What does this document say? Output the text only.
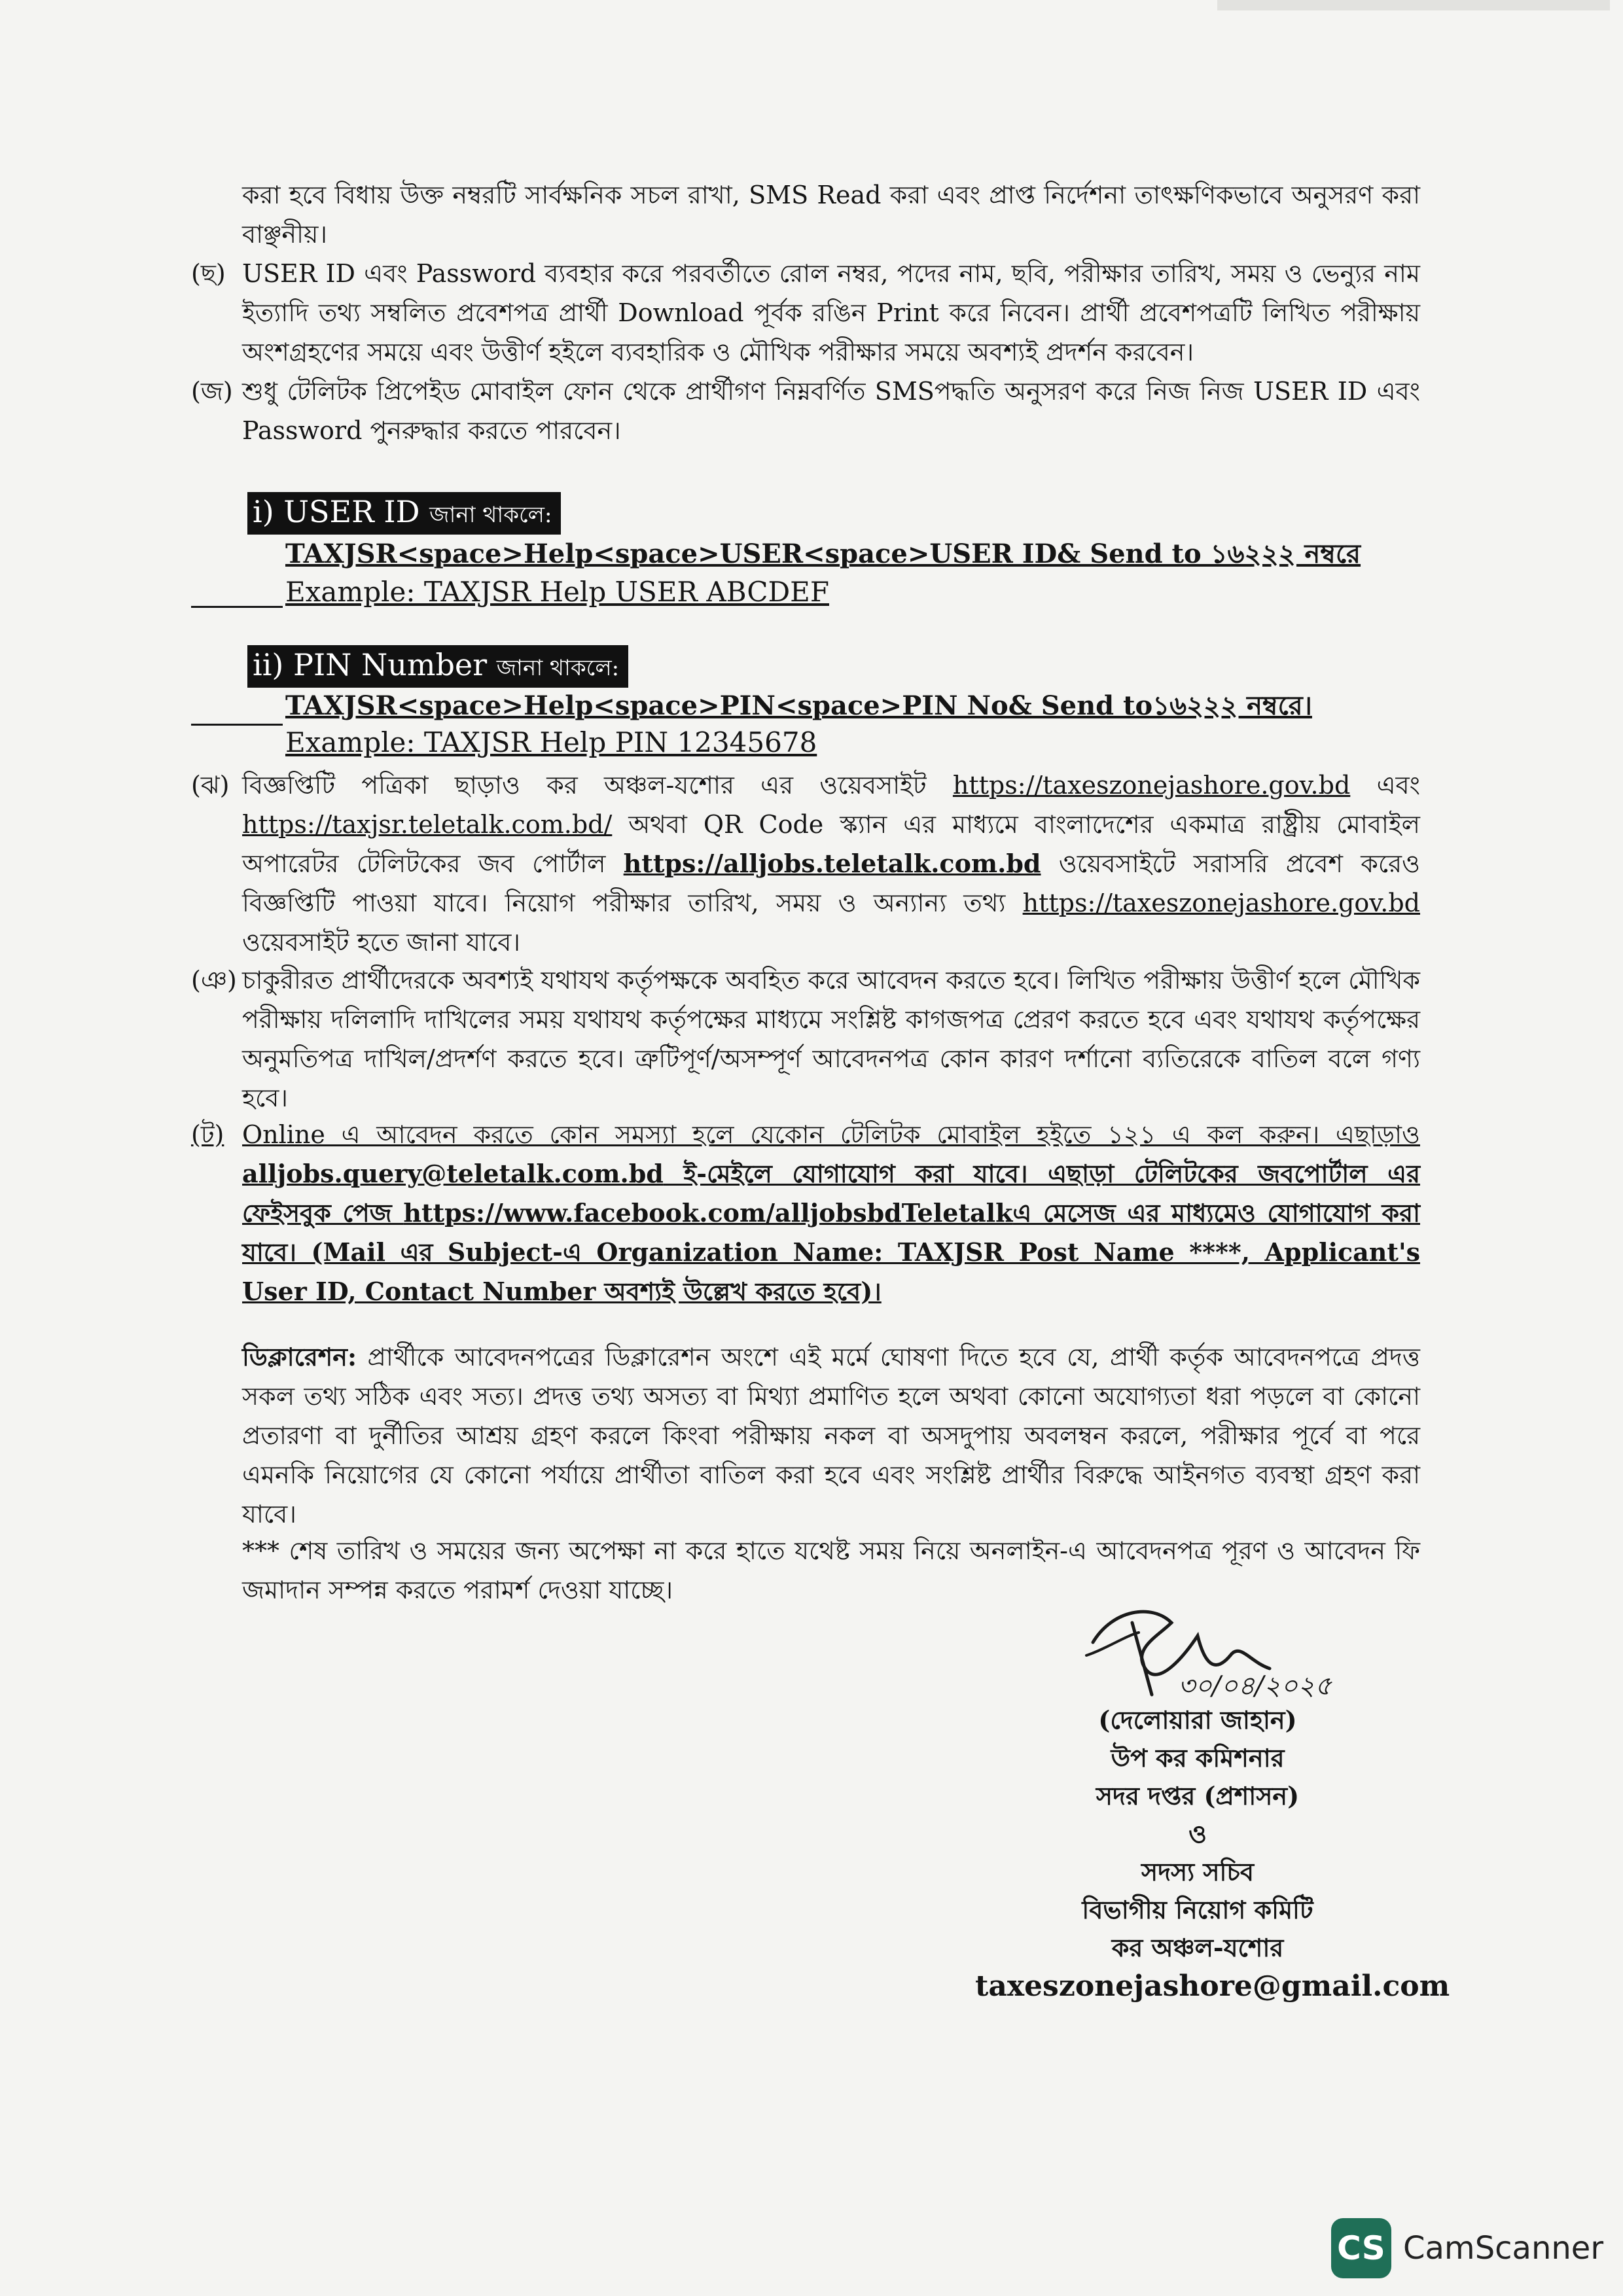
করা হবে বিধায় উক্ত নম্বরটি সার্বক্ষনিক সচল রাখা, SMS Read করা এবং প্রাপ্ত নির্দেশনা তাৎক্ষণিকভাবে অনুসরণ করা বাঞ্ছনীয়।
(ছ) USER ID এবং Password ব্যবহার করে পরবর্তীতে রোল নম্বর, পদের নাম, ছবি, পরীক্ষার তারিখ, সময় ও ভেন্যুর নাম ইত্যাদি তথ্য সম্বলিত প্রবেশপত্র প্রার্থী Download পূর্বক রঙিন Print করে নিবেন। প্রার্থী প্রবেশপত্রটি লিখিত পরীক্ষায় অংশগ্রহণের সময়ে এবং উত্তীর্ণ হইলে ব্যবহারিক ও মৌখিক পরীক্ষার সময়ে অবশ্যই প্রদর্শন করবেন।
(জ) শুধু টেলিটক প্রিপেইড মোবাইল ফোন থেকে প্রার্থীগণ নিম্নবর্ণিত SMSপদ্ধতি অনুসরণ করে নিজ নিজ USER ID এবং Password পুনরুদ্ধার করতে পারবেন।
i) USER ID জানা থাকলে:
TAXJSR<space>Help<space>USER<space>USER ID& Send to ১৬২২২ নম্বরে
Example: TAXJSR Help USER ABCDEF
ii) PIN Number জানা থাকলে:
TAXJSR<space>Help<space>PIN<space>PIN No& Send to১৬২২২ নম্বরে।
Example: TAXJSR Help PIN 12345678
(ঝ) বিজ্ঞপ্তিটি পত্রিকা ছাড়াও কর অঞ্চল-যশোর এর ওয়েবসাইট https://taxeszonejashore.gov.bd এবং https://taxjsr.teletalk.com.bd/ অথবা QR Code স্ক্যান এর মাধ্যমে বাংলাদেশের একমাত্র রাষ্ট্রীয় মোবাইল অপারেটর টেলিটকের জব পোর্টাল https://alljobs.teletalk.com.bd ওয়েবসাইটে সরাসরি প্রবেশ করেও বিজ্ঞপ্তিটি পাওয়া যাবে। নিয়োগ পরীক্ষার তারিখ, সময় ও অন্যান্য তথ্য https://taxeszonejashore.gov.bd ওয়েবসাইট হতে জানা যাবে।
(ঞ) চাকুরীরত প্রার্থীদেরকে অবশ্যই যথাযথ কর্তৃপক্ষকে অবহিত করে আবেদন করতে হবে। লিখিত পরীক্ষায় উত্তীর্ণ হলে মৌখিক পরীক্ষায় দলিলাদি দাখিলের সময় যথাযথ কর্তৃপক্ষের মাধ্যমে সংশ্লিষ্ট কাগজপত্র প্রেরণ করতে হবে এবং যথাযথ কর্তৃপক্ষের অনুমতিপত্র দাখিল/প্রদর্শণ করতে হবে। ত্রুটিপূর্ণ/অসম্পূর্ণ আবেদনপত্র কোন কারণ দর্শানো ব্যতিরেকে বাতিল বলে গণ্য হবে।
(ট) Online এ আবেদন করতে কোন সমস্যা হলে যেকোন টেলিটক মোবাইল হইতে ১২১ এ কল করুন। এছাড়াও alljobs.query@teletalk.com.bd ই-মেইলে যোগাযোগ করা যাবে। এছাড়া টেলিটকের জবপোর্টাল এর ফেইসবুক পেজ https://www.facebook.com/alljobsbdTeletalkএ মেসেজ এর মাধ্যমেও যোগাযোগ করা যাবে। (Mail এর Subject-এ Organization Name: TAXJSR Post Name ****, Applicant's User ID, Contact Number অবশ্যই উল্লেখ করতে হবে)।
ডিক্লারেশন: প্রার্থীকে আবেদনপত্রের ডিক্লারেশন অংশে এই মর্মে ঘোষণা দিতে হবে যে, প্রার্থী কর্তৃক আবেদনপত্রে প্রদত্ত সকল তথ্য সঠিক এবং সত্য। প্রদত্ত তথ্য অসত্য বা মিথ্যা প্রমাণিত হলে অথবা কোনো অযোগ্যতা ধরা পড়লে বা কোনো প্রতারণা বা দুর্নীতির আশ্রয় গ্রহণ করলে কিংবা পরীক্ষায় নকল বা অসদুপায় অবলম্বন করলে, পরীক্ষার পূর্বে বা পরে এমনকি নিয়োগের যে কোনো পর্যায়ে প্রার্থীতা বাতিল করা হবে এবং সংশ্লিষ্ট প্রার্থীর বিরুদ্ধে আইনগত ব্যবস্থা গ্রহণ করা যাবে।
*** শেষ তারিখ ও সময়ের জন্য অপেক্ষা না করে হাতে যথেষ্ট সময় নিয়ে অনলাইন-এ আবেদনপত্র পূরণ ও আবেদন ফি জমাদান সম্পন্ন করতে পরামর্শ দেওয়া যাচ্ছে।
৩০/০৪/২০২৫
(দেলোয়ারা জাহান)
উপ কর কমিশনার
সদর দপ্তর (প্রশাসন)
ও
সদস্য সচিব
বিভাগীয় নিয়োগ কমিটি
কর অঞ্চল-যশোর
taxeszonejashore@gmail.com
CS CamScanner
